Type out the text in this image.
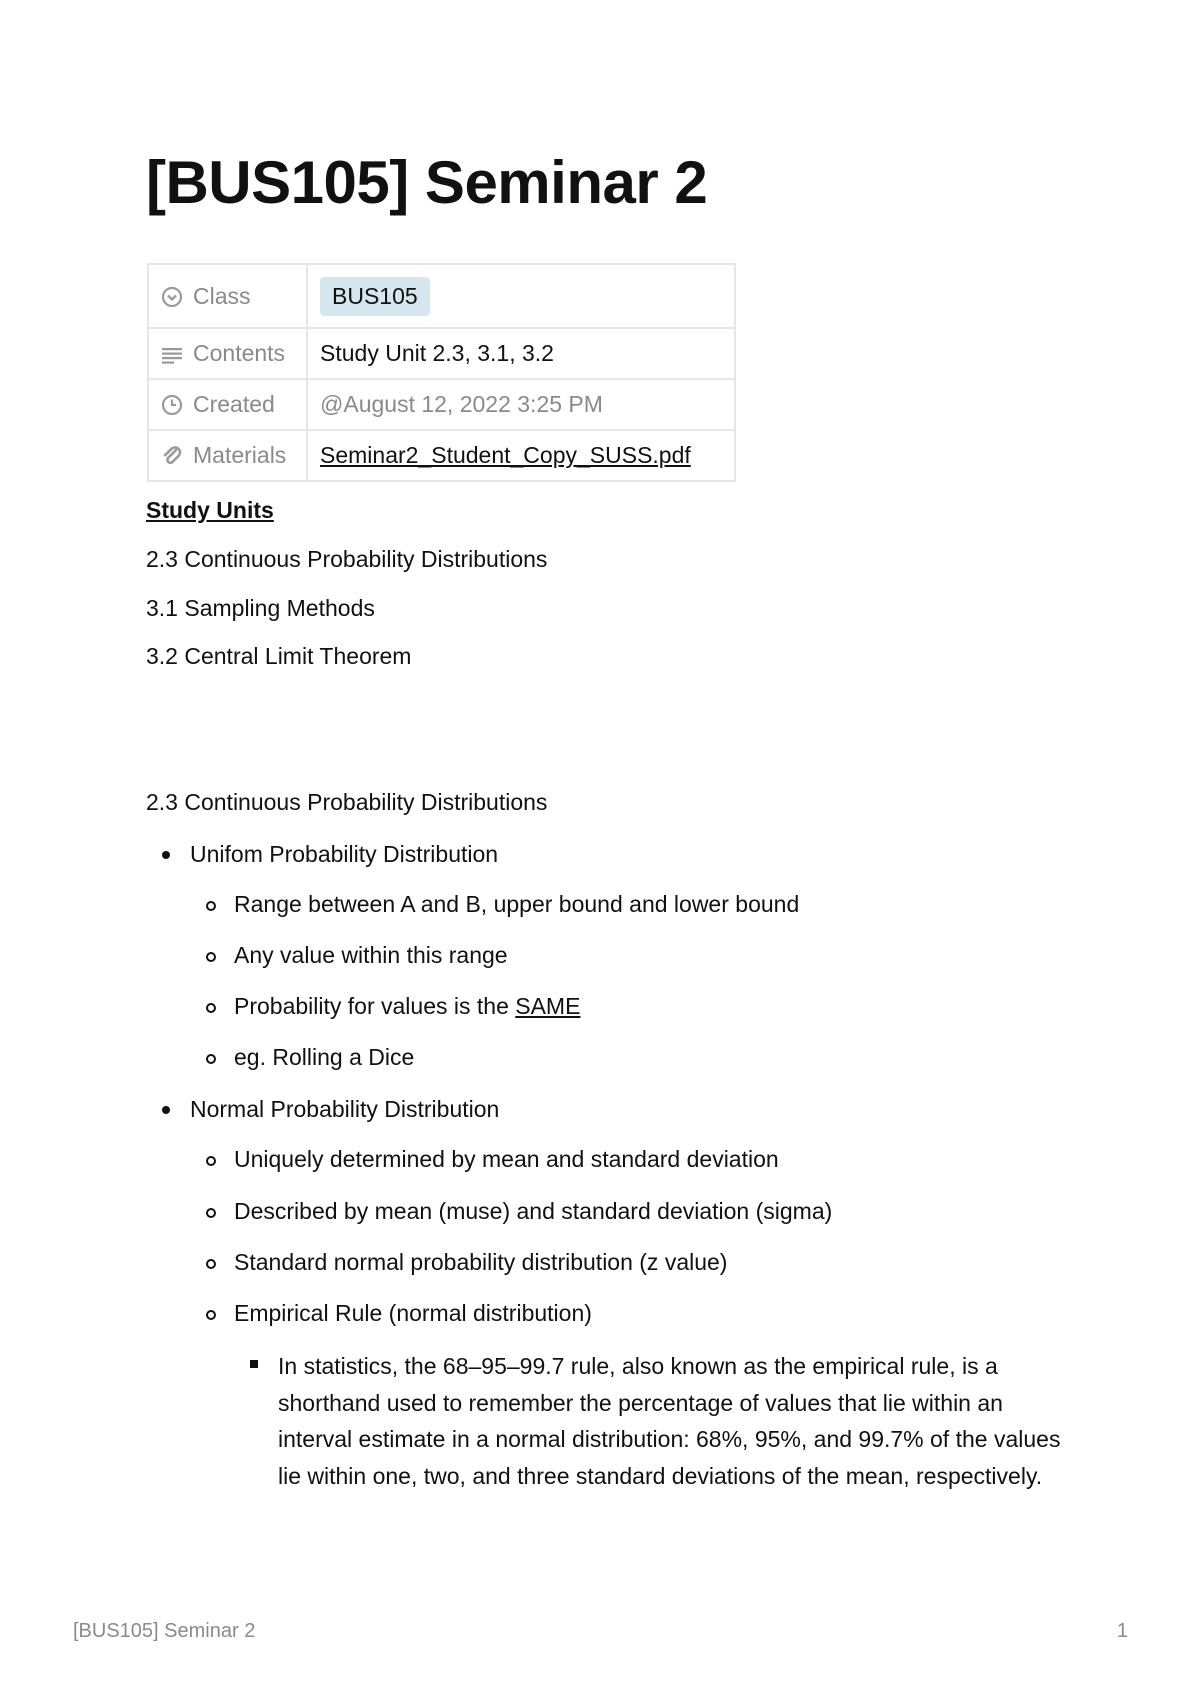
[BUS105] Seminar 2
Class	BUS105
Contents	Study Unit 2.3, 3.1, 3.2
Created	@August 12, 2022 3:25 PM
Materials	Seminar2_Student_Copy_SUSS.pdf

Study Units

2.3 Continuous Probability Distributions

3.1 Sampling Methods

3.2 Central Limit Theorem

2.3 Continuous Probability Distributions

Unifom Probability Distribution
Range between A and B, upper bound and lower bound
Any value within this range
Probability for values is the SAME
eg. Rolling a Dice
Normal Probability Distribution
Uniquely determined by mean and standard deviation
Described by mean (muse) and standard deviation (sigma)
Standard normal probability distribution (z value)
Empirical Rule (normal distribution)
In statistics, the 68–95–99.7 rule, also known as the empirical rule, is a shorthand used to remember the percentage of values that lie within an interval estimate in a normal distribution: 68%, 95%, and 99.7% of the values lie within one, two, and three standard deviations of the mean, respectively.
[BUS105] Seminar 2	1
